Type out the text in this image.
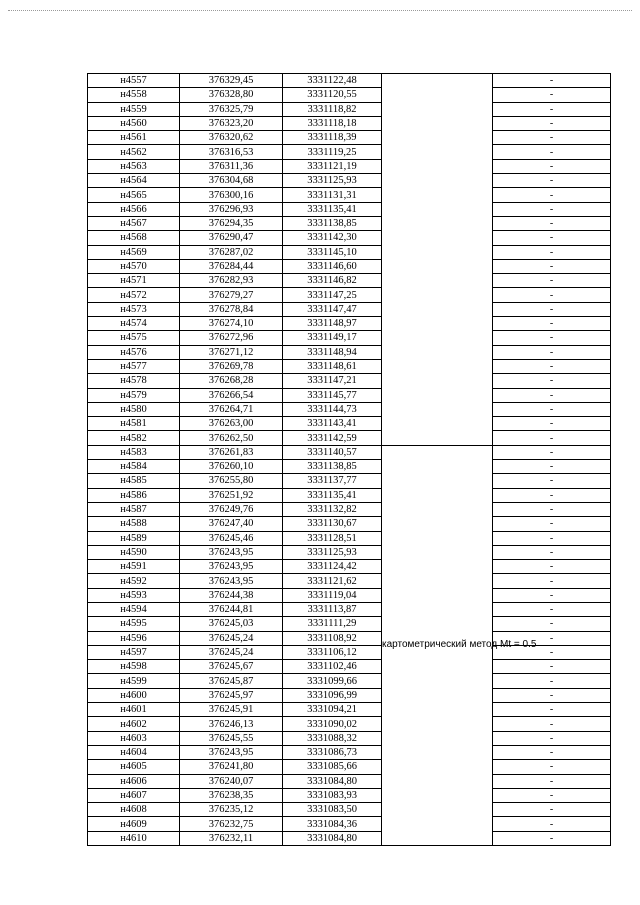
н4557	376329,45	3331122,48		-
н4558	376328,80	3331120,55		-
н4559	376325,79	3331118,82		-
н4560	376323,20	3331118,18		-
н4561	376320,62	3331118,39		-
н4562	376316,53	3331119,25		-
н4563	376311,36	3331121,19		-
н4564	376304,68	3331125,93		-
н4565	376300,16	3331131,31		-
н4566	376296,93	3331135,41		-
н4567	376294,35	3331138,85		-
н4568	376290,47	3331142,30		-
н4569	376287,02	3331145,10		-
н4570	376284,44	3331146,60		-
н4571	376282,93	3331146,82		-
н4572	376279,27	3331147,25		-
н4573	376278,84	3331147,47		-
н4574	376274,10	3331148,97		-
н4575	376272,96	3331149,17		-
н4576	376271,12	3331148,94		-
н4577	376269,78	3331148,61		-
н4578	376268,28	3331147,21		-
н4579	376266,54	3331145,77		-
н4580	376264,71	3331144,73		-
н4581	376263,00	3331143,41		-
н4582	376262,50	3331142,59		-
н4583	376261,83	3331140,57	картометрический метод Mt = 0.5	-
н4584	376260,10	3331138,85		-
н4585	376255,80	3331137,77		-
н4586	376251,92	3331135,41		-
н4587	376249,76	3331132,82		-
н4588	376247,40	3331130,67		-
н4589	376245,46	3331128,51		-
н4590	376243,95	3331125,93		-
н4591	376243,95	3331124,42		-
н4592	376243,95	3331121,62		-
н4593	376244,38	3331119,04		-
н4594	376244,81	3331113,87		-
н4595	376245,03	3331111,29		-
н4596	376245,24	3331108,92		-
н4597	376245,24	3331106,12		-
н4598	376245,67	3331102,46		-
н4599	376245,87	3331099,66		-
н4600	376245,97	3331096,99		-
н4601	376245,91	3331094,21		-
н4602	376246,13	3331090,02		-
н4603	376245,55	3331088,32		-
н4604	376243,95	3331086,73		-
н4605	376241,80	3331085,66		-
н4606	376240,07	3331084,80		-
н4607	376238,35	3331083,93		-
н4608	376235,12	3331083,50		-
н4609	376232,75	3331084,36		-
н4610	376232,11	3331084,80		-
